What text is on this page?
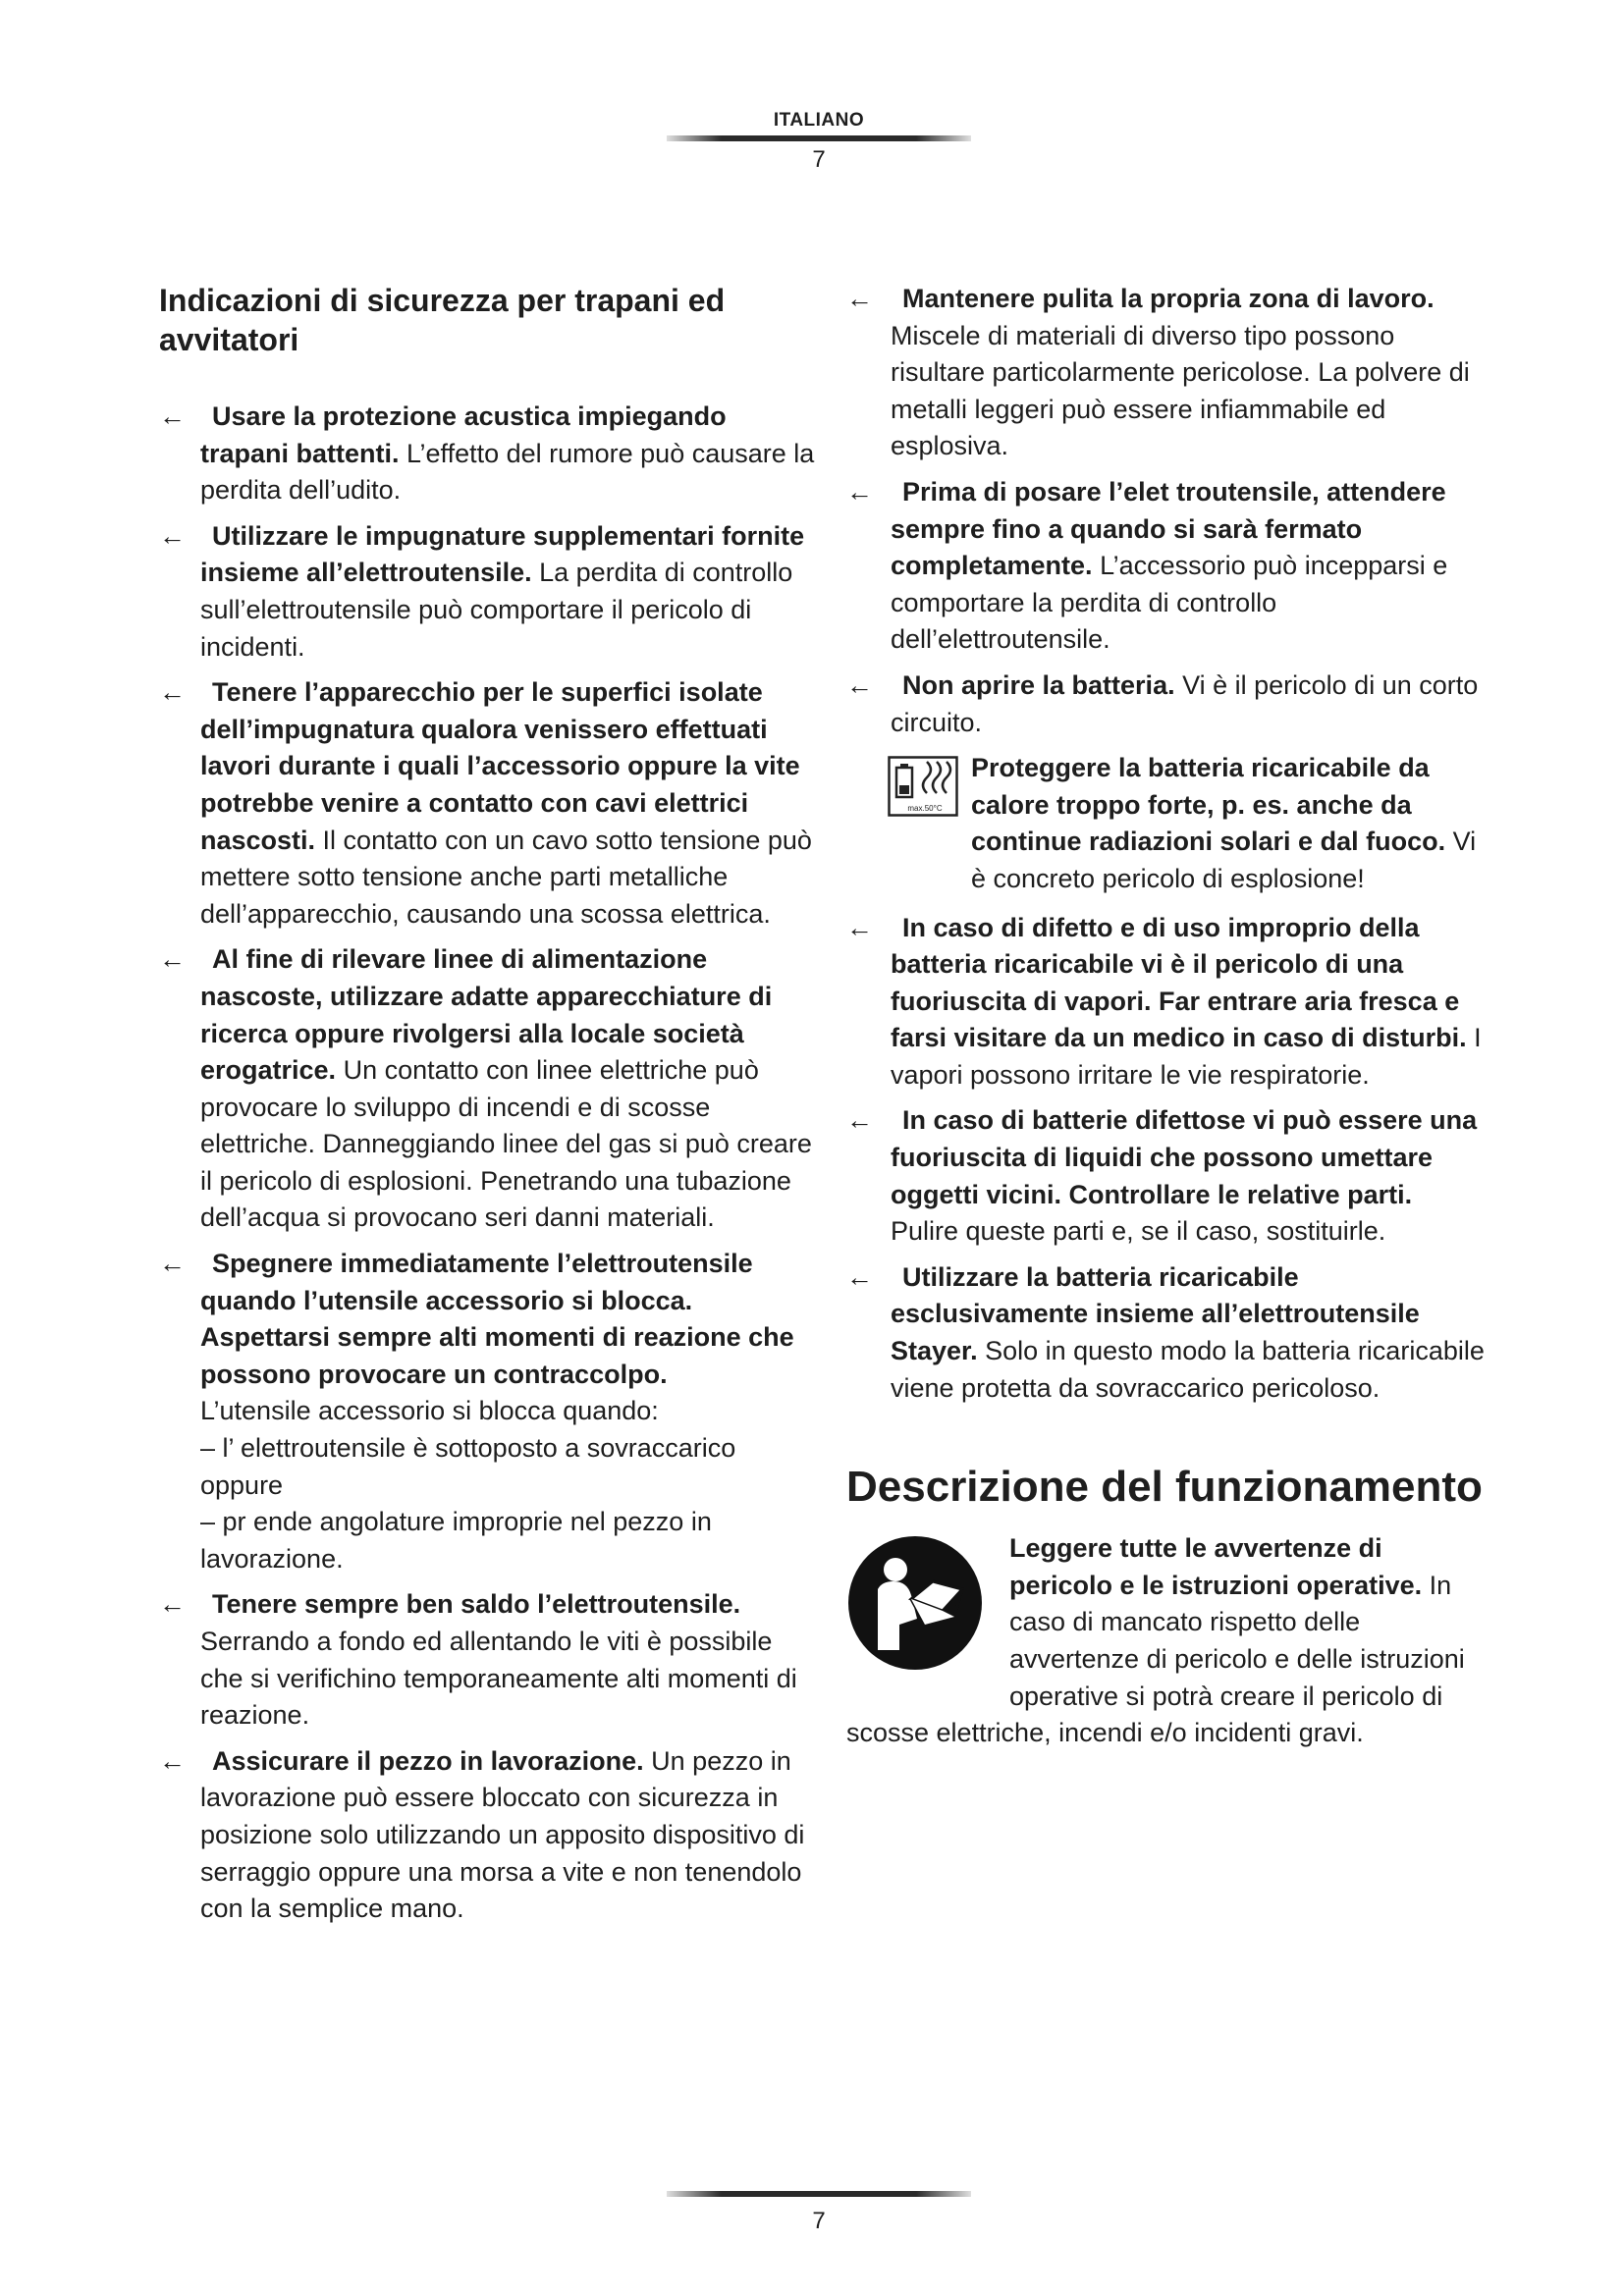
ITALIANO
7
Indicazioni di sicurezza per trapani ed
avvitatori
← Usare la protezione acustica impiegando trapani battenti. L’effetto del rumore può causare la perdita dell’udito.
← Utilizzare le impugnature supplementari fornite insieme all’elettroutensile. La perdita di controllo sull’elettroutensile può comportare il pericolo di incidenti.
← Tenere l’apparecchio per le superfici isolate dell’impugnatura qualora venissero effettuati lavori durante i quali l’accessorio oppure la vite potrebbe venire a contatto con cavi elettrici nascosti. Il contatto con un cavo sotto tensione può mettere sotto tensione anche parti metalliche dell’apparecchio, causando una scossa elettrica.
← Al fine di rilevare linee di alimentazione nascoste, utilizzare adatte apparecchiature di ricerca oppure rivolgersi alla locale società erogatrice. Un contatto con linee elettriche può provocare lo sviluppo di incendi e di scosse elettriche. Danneggiando linee del gas si può creare il pericolo di esplosioni. Penetrando una tubazione dell’acqua si provocano seri danni materiali.
← Spegnere immediatamente l’elettroutensile quando l’utensile accessorio si blocca. Aspettarsi sempre alti momenti di reazione che possono provocare un contraccolpo.
L’utensile accessorio si blocca quando:
– l’ elettroutensile è sottoposto a sovraccarico oppure
– pr ende angolature improprie nel pezzo in lavorazione.
← Tenere sempre ben saldo l’elettroutensile. Serrando a fondo ed allentando le viti è possibile che si verifichino temporaneamente alti momenti di reazione.
← Assicurare il pezzo in lavorazione. Un pezzo in lavorazione può essere bloccato con sicurezza in posizione solo utilizzando un apposito dispositivo di serraggio oppure una morsa a vite e non tenendolo con la semplice mano.
← Mantenere pulita la propria zona di lavoro. Miscele di materiali di diverso tipo possono risultare particolarmente pericolose. La polvere di metalli leggeri può essere infiammabile ed esplosiva.
← Prima di posare l’elet troutensile, attendere sempre fino a quando si sarà fermato completamente. L’accessorio può incepparsi e comportare la perdita di controllo dell’elettroutensile.
← Non aprire la batteria. Vi è il pericolo di un corto circuito.
max.50°C
Proteggere la batteria ricaricabile da calore troppo forte, p. es. anche da continue radiazioni solari e dal fuoco. Vi è concreto pericolo di esplosione!
← In caso di difetto e di uso improprio della batteria ricaricabile vi è il pericolo di una fuoriuscita di vapori. Far entrare aria fresca e farsi visitare da un medico in caso di disturbi. I vapori possono irritare le vie respiratorie.
← In caso di batterie difettose vi può essere una fuoriuscita di liquidi che possono umettare oggetti vicini. Controllare le relative parti. Pulire queste parti e, se il caso, sostituirle.
← Utilizzare la batteria ricaricabile esclusivamente insieme all’elettroutensile Stayer. Solo in questo modo la batteria ricaricabile viene protetta da sovraccarico pericoloso.
Descrizione del funzionamento
Leggere tutte le avvertenze di pericolo e le istruzioni operative. In caso di mancato rispetto delle avvertenze di pericolo e delle istruzioni operative si potrà creare il pericolo di scosse elettriche, incendi e/o incidenti gravi.
7
